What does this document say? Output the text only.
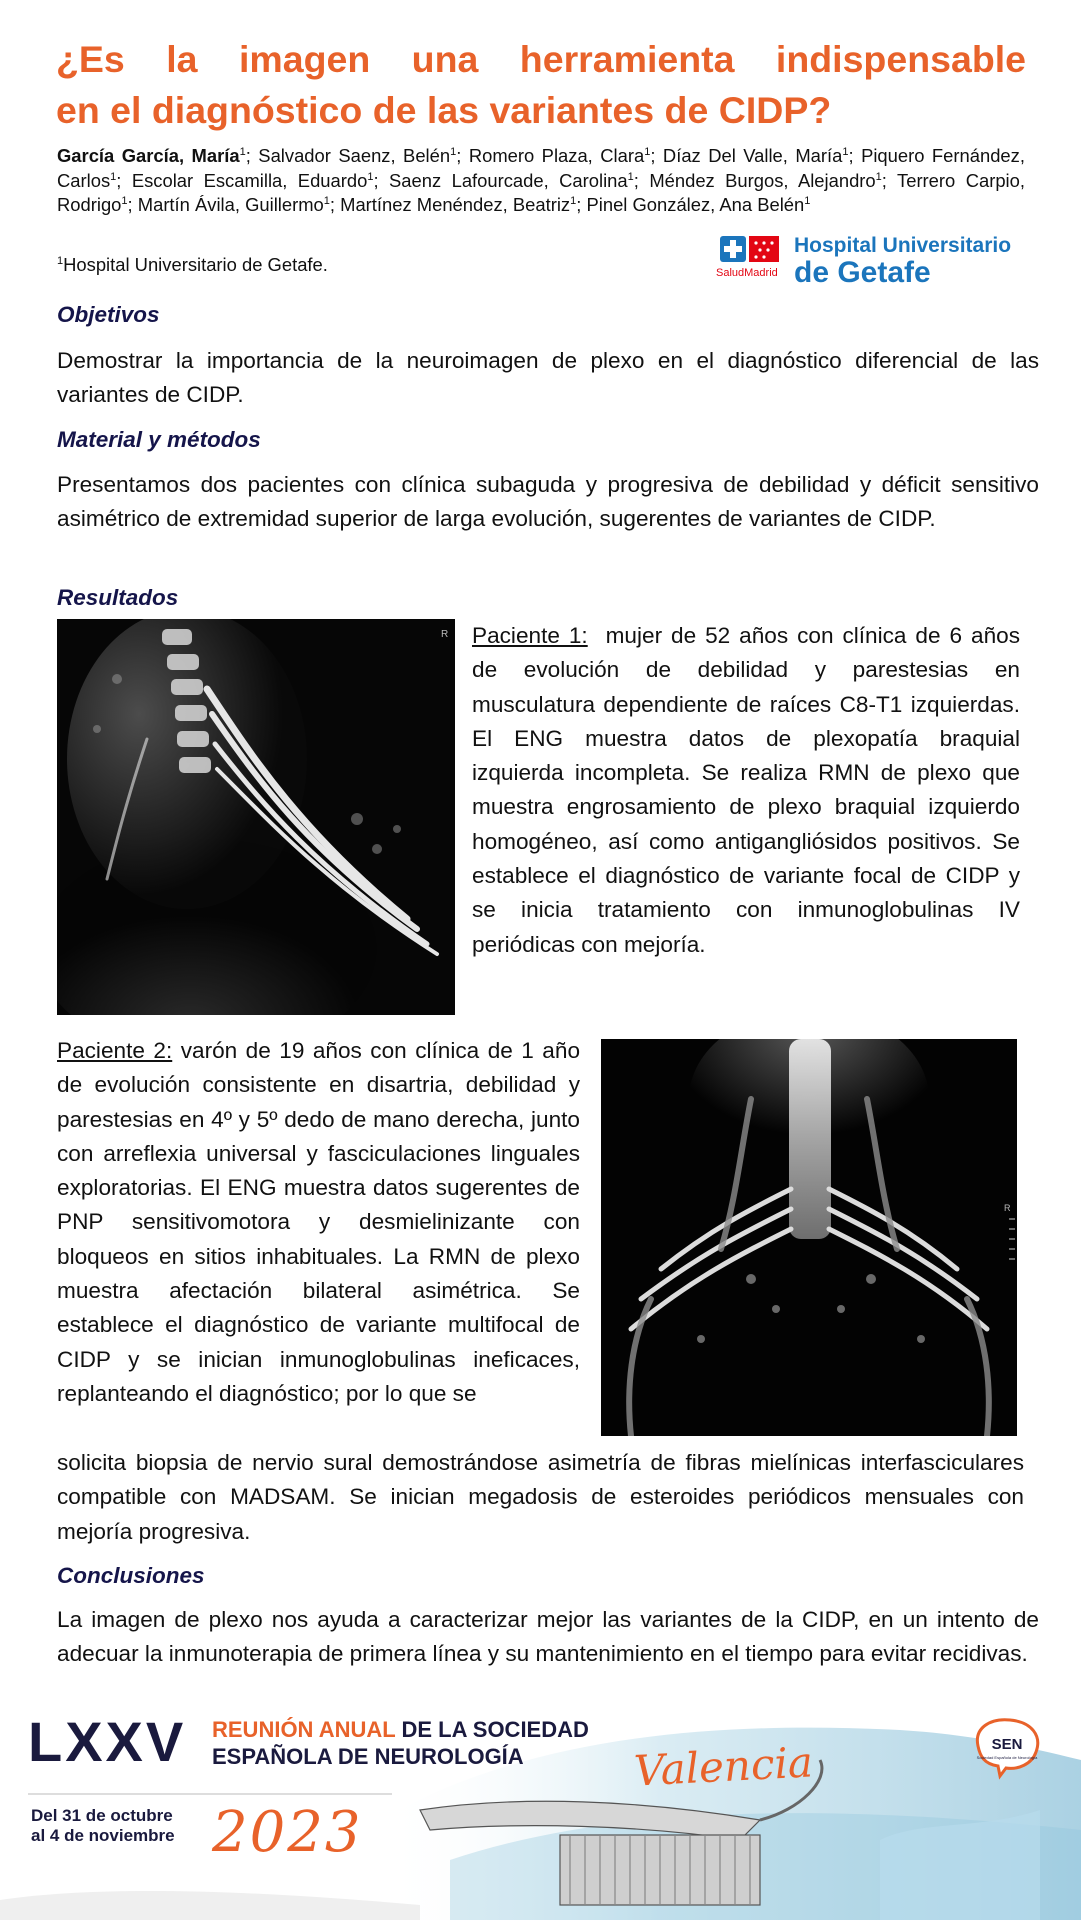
¿Es la imagen una herramienta indispensable
en el diagnóstico de las variantes de CIDP?

García García, María$^1$; Salvador Saenz, Belén$^1$; Romero Plaza, Clara$^1$; Díaz Del Valle, María$^1$; Piquero Fernández, Carlos$^1$; Escolar Escamilla, Eduardo$^1$; Saenz Lafourcade, Carolina$^1$; Méndez Burgos, Alejandro$^1$; Terrero Carpio, Rodrigo$^1$; Martín Ávila, Guillermo$^1$; Martínez Menéndez, Beatriz$^1$; Pinel González, Ana Belén$^1$

$^1$Hospital Universitario de Getafe.	SaludMadrid
Hospital Universitario
de Getafe
Objetivos

Demostrar la importancia de la neuroimagen de plexo en el diagnóstico diferencial de las variantes de CIDP.

Material y métodos

Presentamos dos pacientes con clínica subaguda y progresiva de debilidad y déficit sensitivo asimétrico de extremidad superior de larga evolución, sugerentes de variantes de CIDP.

Resultados
R Paciente 1: mujer de 52 años con clínica de 6 años de evolución de debilidad y parestesias en musculatura dependiente de raíces C8-T1 izquierdas. El ENG muestra datos de plexopatía braquial izquierda incompleta. Se realiza RMN de plexo que muestra engrosamiento de plexo braquial izquierdo homogéneo, así como antigangliósidos positivos. Se establece el diagnóstico de variante focal de CIDP y se inicia tratamiento con inmunoglobulinas IV periódicas con mejoría.

Paciente 2: varón de 19 años con clínica de 1 año de evolución consistente en disartria, debilidad y parestesias en 4º y 5º dedo de mano derecha, junto con arreflexia universal y fasciculaciones linguales exploratorias. El ENG muestra datos sugerentes de PNP sensitivomotora y desmielinizante con bloqueos en sitios inhabituales. La RMN de plexo muestra afectación bilateral asimétrica. Se establece el diagnóstico de variante multifocal de CIDP y se inician inmunoglobulinas ineficaces, replanteando el diagnóstico; por lo que se

R

solicita biopsia de nervio sural demostrándose asimetría de fibras mielínicas interfasciculares compatible con MADSAM. Se inician megadosis de esteroides periódicos mensuales con mejoría progresiva.

Conclusiones

La imagen de plexo nos ayuda a caracterizar mejor las variantes de la CIDP, en un intento de adecuar la inmunoterapia de primera línea y su mantenimiento en el tiempo para evitar recidivas.

SEN
Sociedad Española de Neurología

LXXV REUNIÓN ANUAL DE LA SOCIEDAD
ESPAÑOLA DE NEUROLOGÍA	Valencia

Del 31 de octubre
al 4 de noviembre 2023
